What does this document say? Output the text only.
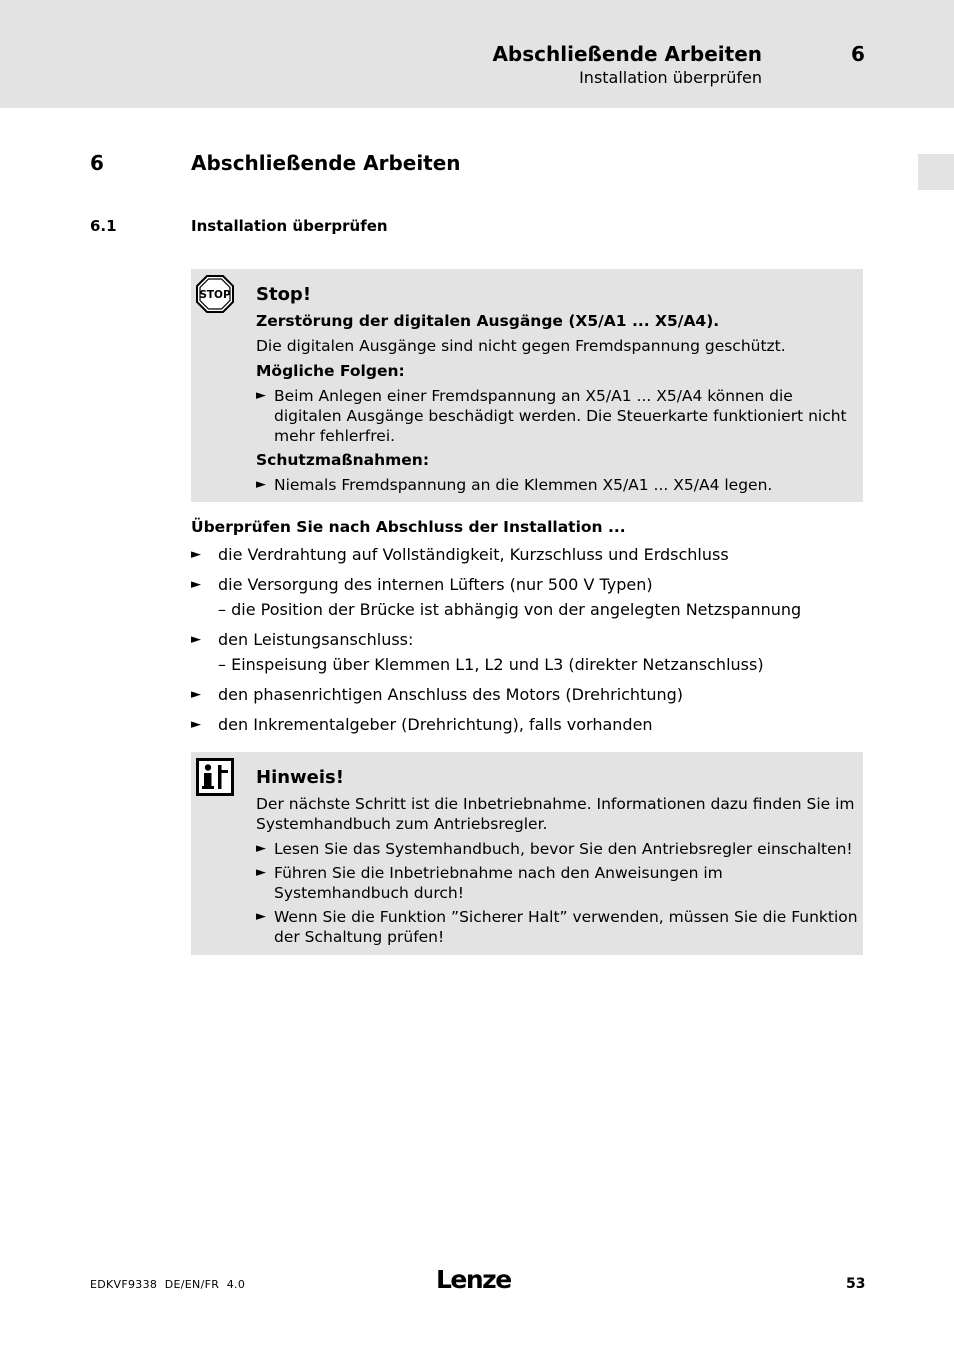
Abschließende Arbeiten	6
Installation überprüfen
6	Abschließende Arbeiten
6.1	Installation überprüfen
STOP Stop!
Zerstörung der digitalen Ausgänge (X5/A1 ... X5/A4).
Die digitalen Ausgänge sind nicht gegen Fremdspannung geschützt.
Mögliche Folgen:
► Beim Anlegen einer Fremdspannung an X5/A1 ... X5/A4 können die digitalen Ausgänge beschädigt werden. Die Steuerkarte funktioniert nicht mehr fehlerfrei.
Schutzmaßnahmen:
► Niemals Fremdspannung an die Klemmen X5/A1 ... X5/A4 legen.
Überprüfen Sie nach Abschluss der Installation ...
►	die Verdrahtung auf Vollständigkeit, Kurzschluss und Erdschluss
►	die Versorgung des internen Lüfters (nur 500 V Typen)
– die Position der Brücke ist abhängig von der angelegten Netzspannung
►	den Leistungsanschluss:
– Einspeisung über Klemmen L1, L2 und L3 (direkter Netzanschluss)
►	den phasenrichtigen Anschluss des Motors (Drehrichtung)
►	den Inkrementalgeber (Drehrichtung), falls vorhanden
Hinweis!
Der nächste Schritt ist die Inbetriebnahme. Informationen dazu finden Sie im Systemhandbuch zum Antriebsregler.
► Lesen Sie das Systemhandbuch, bevor Sie den Antriebsregler einschalten!
► Führen Sie die Inbetriebnahme nach den Anweisungen im Systemhandbuch durch!
► Wenn Sie die Funktion ”Sicherer Halt” verwenden, müssen Sie die Funktion der Schaltung prüfen!
EDKVF9338  DE/EN/FR  4.0	Lenze	53
